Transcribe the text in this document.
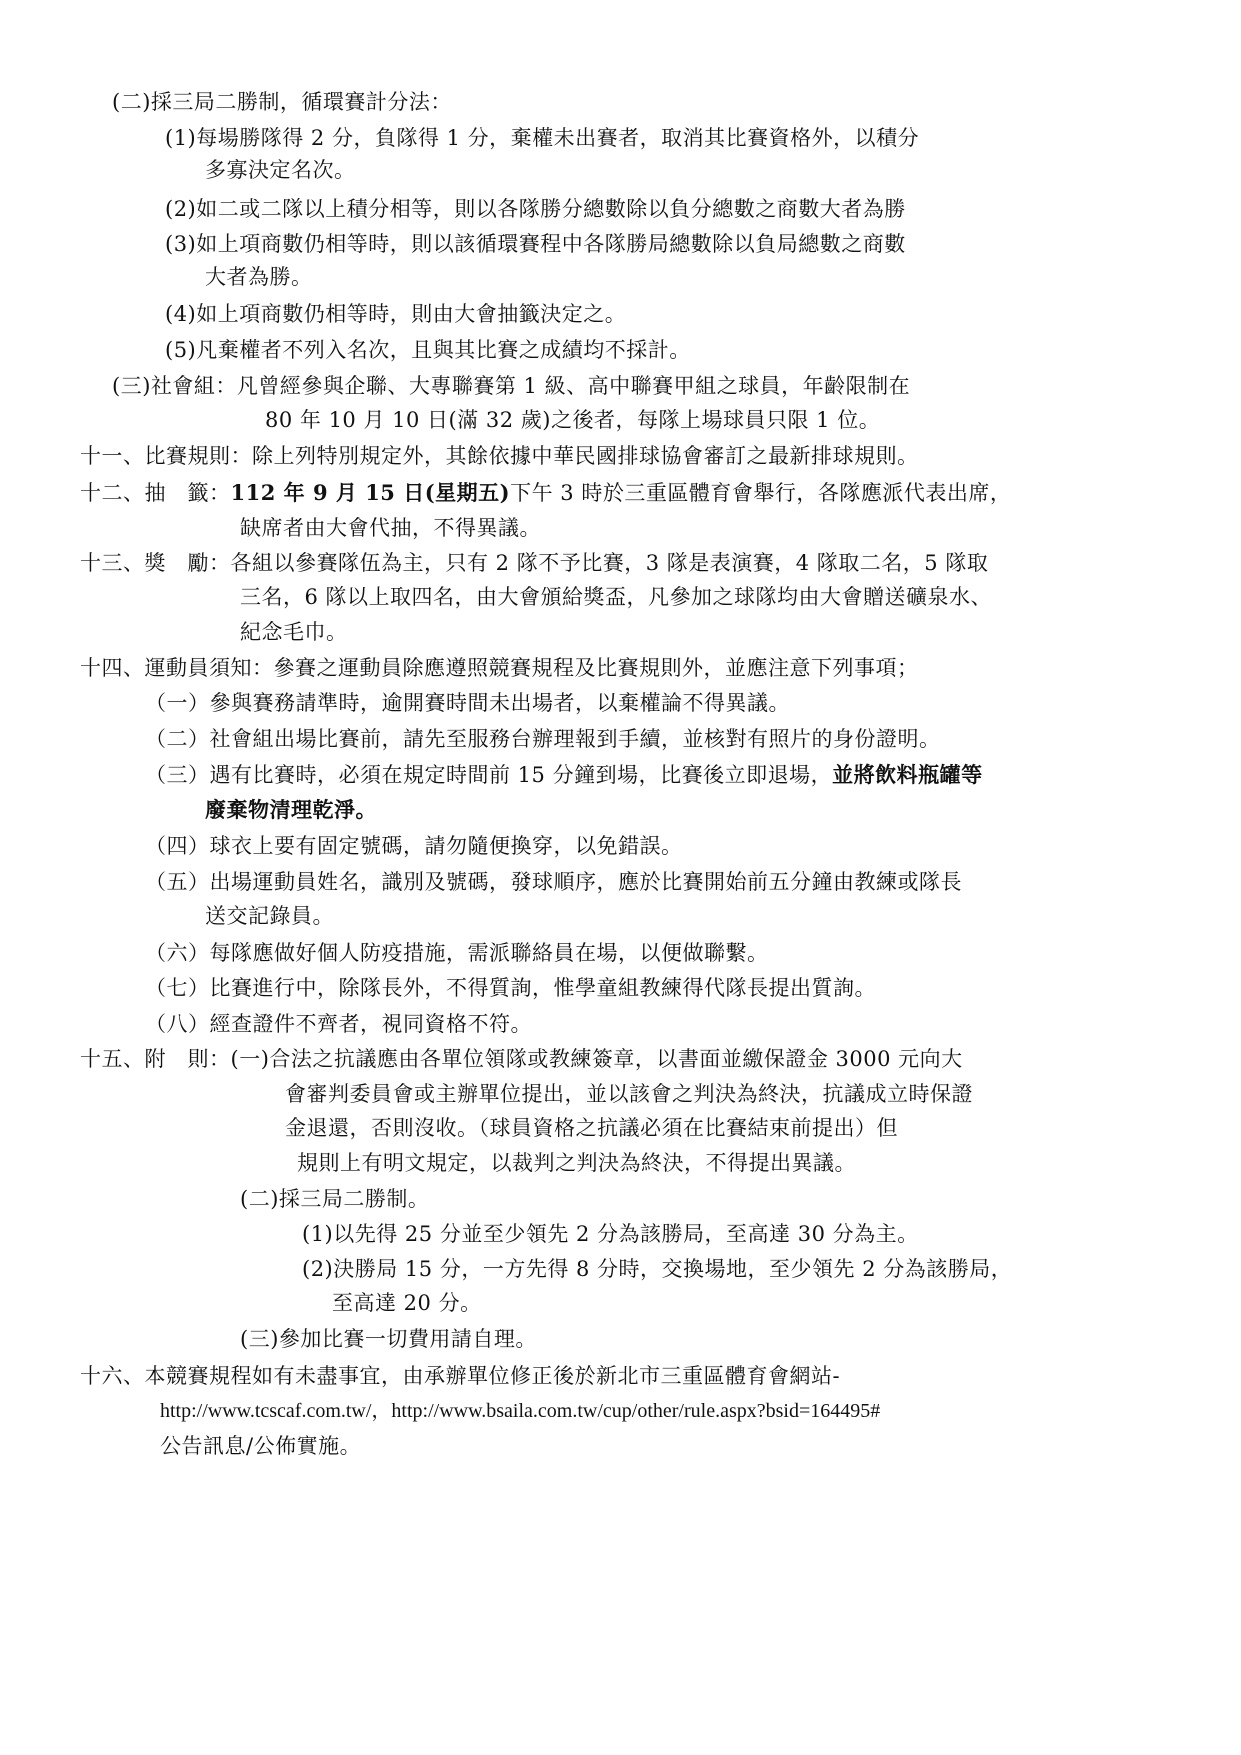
(二)採三局二勝制，循環賽計分法：
(1)每場勝隊得 2 分，負隊得 1 分，棄權未出賽者，取消其比賽資格外，以積分
多寡決定名次。
(2)如二或二隊以上積分相等，則以各隊勝分總數除以負分總數之商數大者為勝
(3)如上項商數仍相等時，則以該循環賽程中各隊勝局總數除以負局總數之商數
大者為勝。
(4)如上項商數仍相等時，則由大會抽籤決定之。
(5)凡棄權者不列入名次，且與其比賽之成績均不採計。
(三)社會組：凡曾經參與企聯、大專聯賽第 1 級、高中聯賽甲組之球員，年齡限制在
80 年 10 月 10 日(滿 32 歲)之後者，每隊上場球員只限 1 位。
十一、比賽規則：除上列特別規定外，其餘依據中華民國排球協會審訂之最新排球規則。
十二、抽　籤：112 年 9 月 15 日(星期五)下午 3 時於三重區體育會舉行，各隊應派代表出席，
缺席者由大會代抽，不得異議。
十三、獎　勵：各組以參賽隊伍為主，只有 2 隊不予比賽，3 隊是表演賽，4 隊取二名，5 隊取
三名，6 隊以上取四名，由大會頒給獎盃，凡參加之球隊均由大會贈送礦泉水、
紀念毛巾。
十四、運動員須知：參賽之運動員除應遵照競賽規程及比賽規則外，並應注意下列事項；
（一）參與賽務請準時，逾開賽時間未出場者，以棄權論不得異議。
（二）社會組出場比賽前，請先至服務台辦理報到手續，並核對有照片的身份證明。
（三）遇有比賽時，必須在規定時間前 15 分鐘到場，比賽後立即退場，並將飲料瓶罐等
廢棄物清理乾淨。
（四）球衣上要有固定號碼，請勿隨便換穿，以免錯誤。
（五）出場運動員姓名，識別及號碼，發球順序，應於比賽開始前五分鐘由教練或隊長
送交記錄員。
（六）每隊應做好個人防疫措施，需派聯絡員在場，以便做聯繫。
（七）比賽進行中，除隊長外，不得質詢，惟學童組教練得代隊長提出質詢。
（八）經查證件不齊者，視同資格不符。
十五、附　則：(一)合法之抗議應由各單位領隊或教練簽章，以書面並繳保證金 3000 元向大
會審判委員會或主辦單位提出，並以該會之判決為終決，抗議成立時保證
金退還，否則沒收。（球員資格之抗議必須在比賽結束前提出）但
規則上有明文規定，以裁判之判決為終決，不得提出異議。
(二)採三局二勝制。
(1)以先得 25 分並至少領先 2 分為該勝局，至高達 30 分為主。
(2)決勝局 15 分，一方先得 8 分時，交換場地，至少領先 2 分為該勝局，
至高達 20 分。
(三)參加比賽一切費用請自理。
十六、本競賽規程如有未盡事宜，由承辦單位修正後於新北市三重區體育會網站-
http://www.tcscaf.com.tw/，http://www.bsaila.com.tw/cup/other/rule.aspx?bsid=164495#
公告訊息/公佈實施。
